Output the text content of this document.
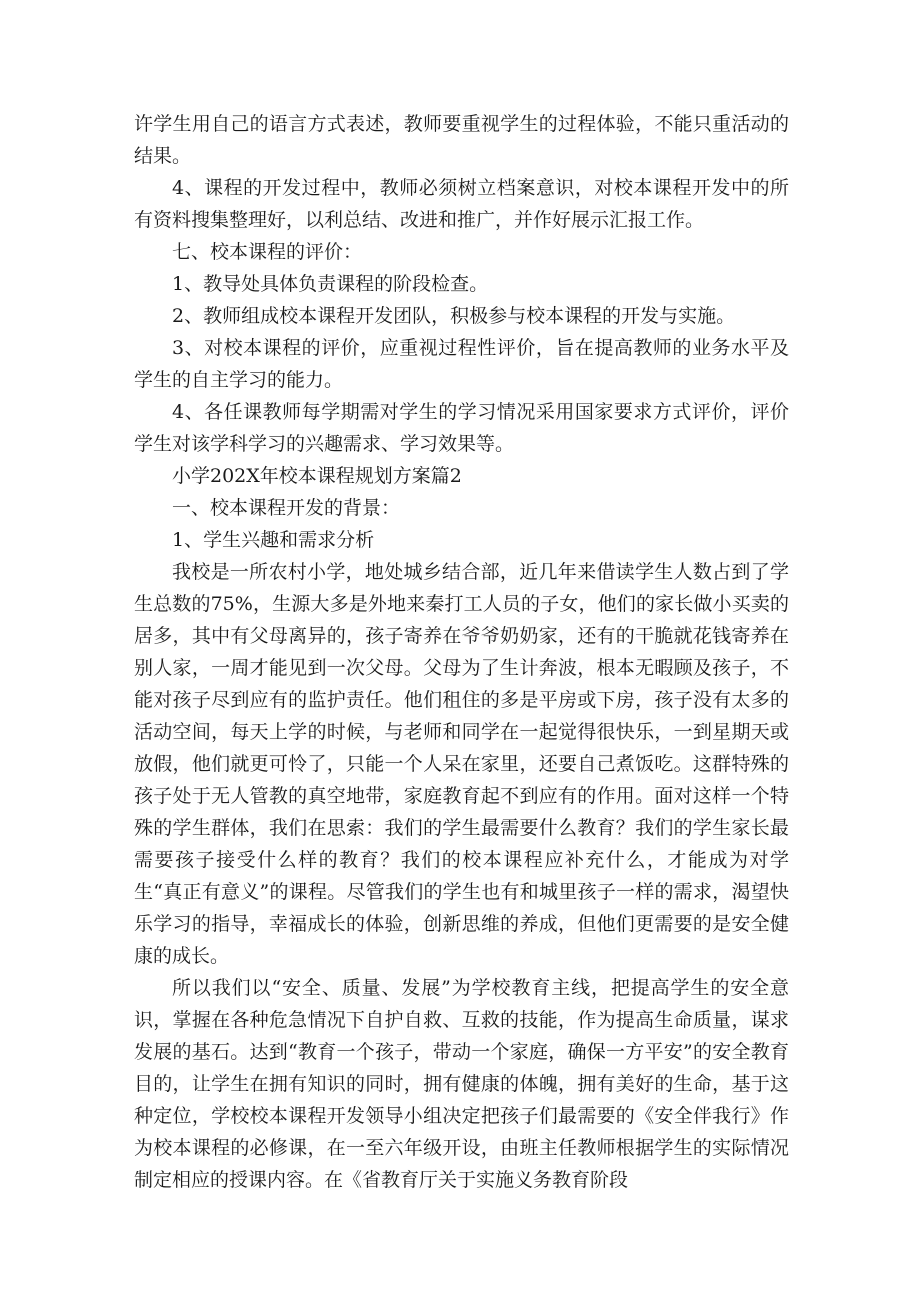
许学生用自己的语言方式表述，教师要重视学生的过程体验，不能只重活动的结果。

4、课程的开发过程中，教师必须树立档案意识，对校本课程开发中的所有资料搜集整理好，以利总结、改进和推广，并作好展示汇报工作。

七、校本课程的评价：

1、教导处具体负责课程的阶段检查。

2、教师组成校本课程开发团队，积极参与校本课程的开发与实施。

3、对校本课程的评价，应重视过程性评价，旨在提高教师的业务水平及学生的自主学习的能力。

4、各任课教师每学期需对学生的学习情况采用国家要求方式评价，评价学生对该学科学习的兴趣需求、学习效果等。

小学202X年校本课程规划方案篇2

一、校本课程开发的背景：

1、学生兴趣和需求分析

我校是一所农村小学，地处城乡结合部，近几年来借读学生人数占到了学生总数的75%，生源大多是外地来秦打工人员的子女，他们的家长做小买卖的居多，其中有父母离异的，孩子寄养在爷爷奶奶家，还有的干脆就花钱寄养在别人家，一周才能见到一次父母。父母为了生计奔波，根本无暇顾及孩子，不能对孩子尽到应有的监护责任。他们租住的多是平房或下房，孩子没有太多的活动空间，每天上学的时候，与老师和同学在一起觉得很快乐，一到星期天或放假，他们就更可怜了，只能一个人呆在家里，还要自己煮饭吃。这群特殊的孩子处于无人管教的真空地带，家庭教育起不到应有的作用。面对这样一个特殊的学生群体，我们在思索：我们的学生最需要什么教育？我们的学生家长最需要孩子接受什么样的教育？我们的校本课程应补充什么，才能成为对学生“真正有意义”的课程。尽管我们的学生也有和城里孩子一样的需求，渴望快乐学习的指导，幸福成长的体验，创新思维的养成，但他们更需要的是安全健康的成长。

所以我们以“安全、质量、发展”为学校教育主线，把提高学生的安全意识，掌握在各种危急情况下自护自救、互救的技能，作为提高生命质量，谋求发展的基石。达到“教育一个孩子，带动一个家庭，确保一方平安”的安全教育目的，让学生在拥有知识的同时，拥有健康的体魄，拥有美好的生命，基于这种定位，学校校本课程开发领导小组决定把孩子们最需要的《安全伴我行》作为校本课程的必修课，在一至六年级开设，由班主任教师根据学生的实际情况制定相应的授课内容。在《省教育厅关于实施义务教育阶段
